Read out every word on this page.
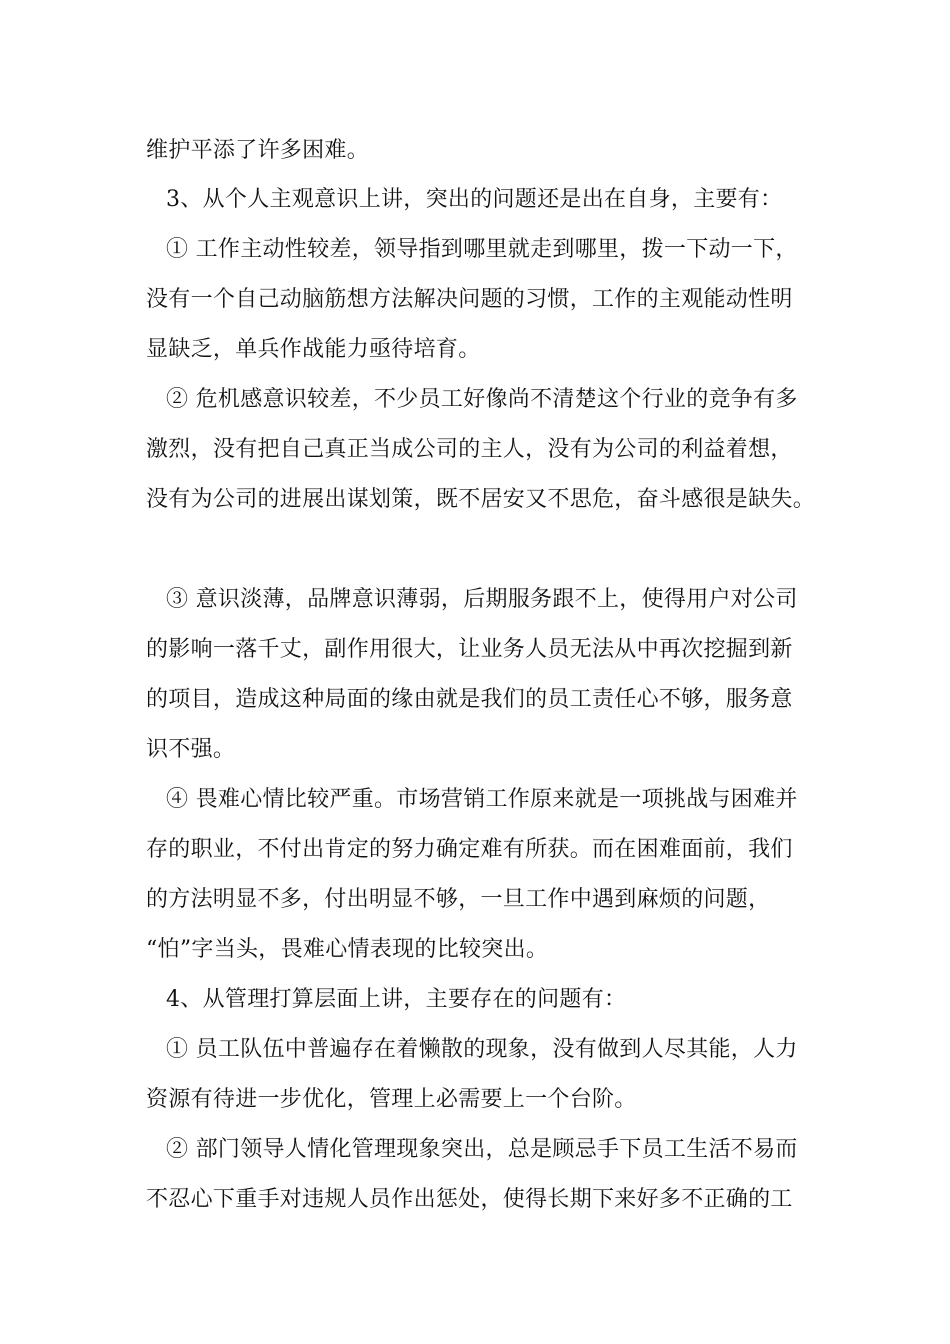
维护平添了许多困难。
3、从个人主观意识上讲，突出的问题还是出在自身，主要有：
① 工作主动性较差，领导指到哪里就走到哪里，拨一下动一下，
没有一个自己动脑筋想方法解决问题的习惯，工作的主观能动性明
显缺乏，单兵作战能力亟待培育。
② 危机感意识较差，不少员工好像尚不清楚这个行业的竞争有多
激烈，没有把自己真正当成公司的主人，没有为公司的利益着想，
没有为公司的进展出谋划策，既不居安又不思危，奋斗感很是缺失。
③ 意识淡薄，品牌意识薄弱，后期服务跟不上，使得用户对公司
的影响一落千丈，副作用很大，让业务人员无法从中再次挖掘到新
的项目，造成这种局面的缘由就是我们的员工责任心不够，服务意
识不强。
④ 畏难心情比较严重。市场营销工作原来就是一项挑战与困难并
存的职业，不付出肯定的努力确定难有所获。而在困难面前，我们
的方法明显不多，付出明显不够，一旦工作中遇到麻烦的问题，
“怕”字当头，畏难心情表现的比较突出。
4、从管理打算层面上讲，主要存在的问题有：
① 员工队伍中普遍存在着懒散的现象，没有做到人尽其能，人力
资源有待进一步优化，管理上必需要上一个台阶。
② 部门领导人情化管理现象突出，总是顾忌手下员工生活不易而
不忍心下重手对违规人员作出惩处，使得长期下来好多不正确的工
